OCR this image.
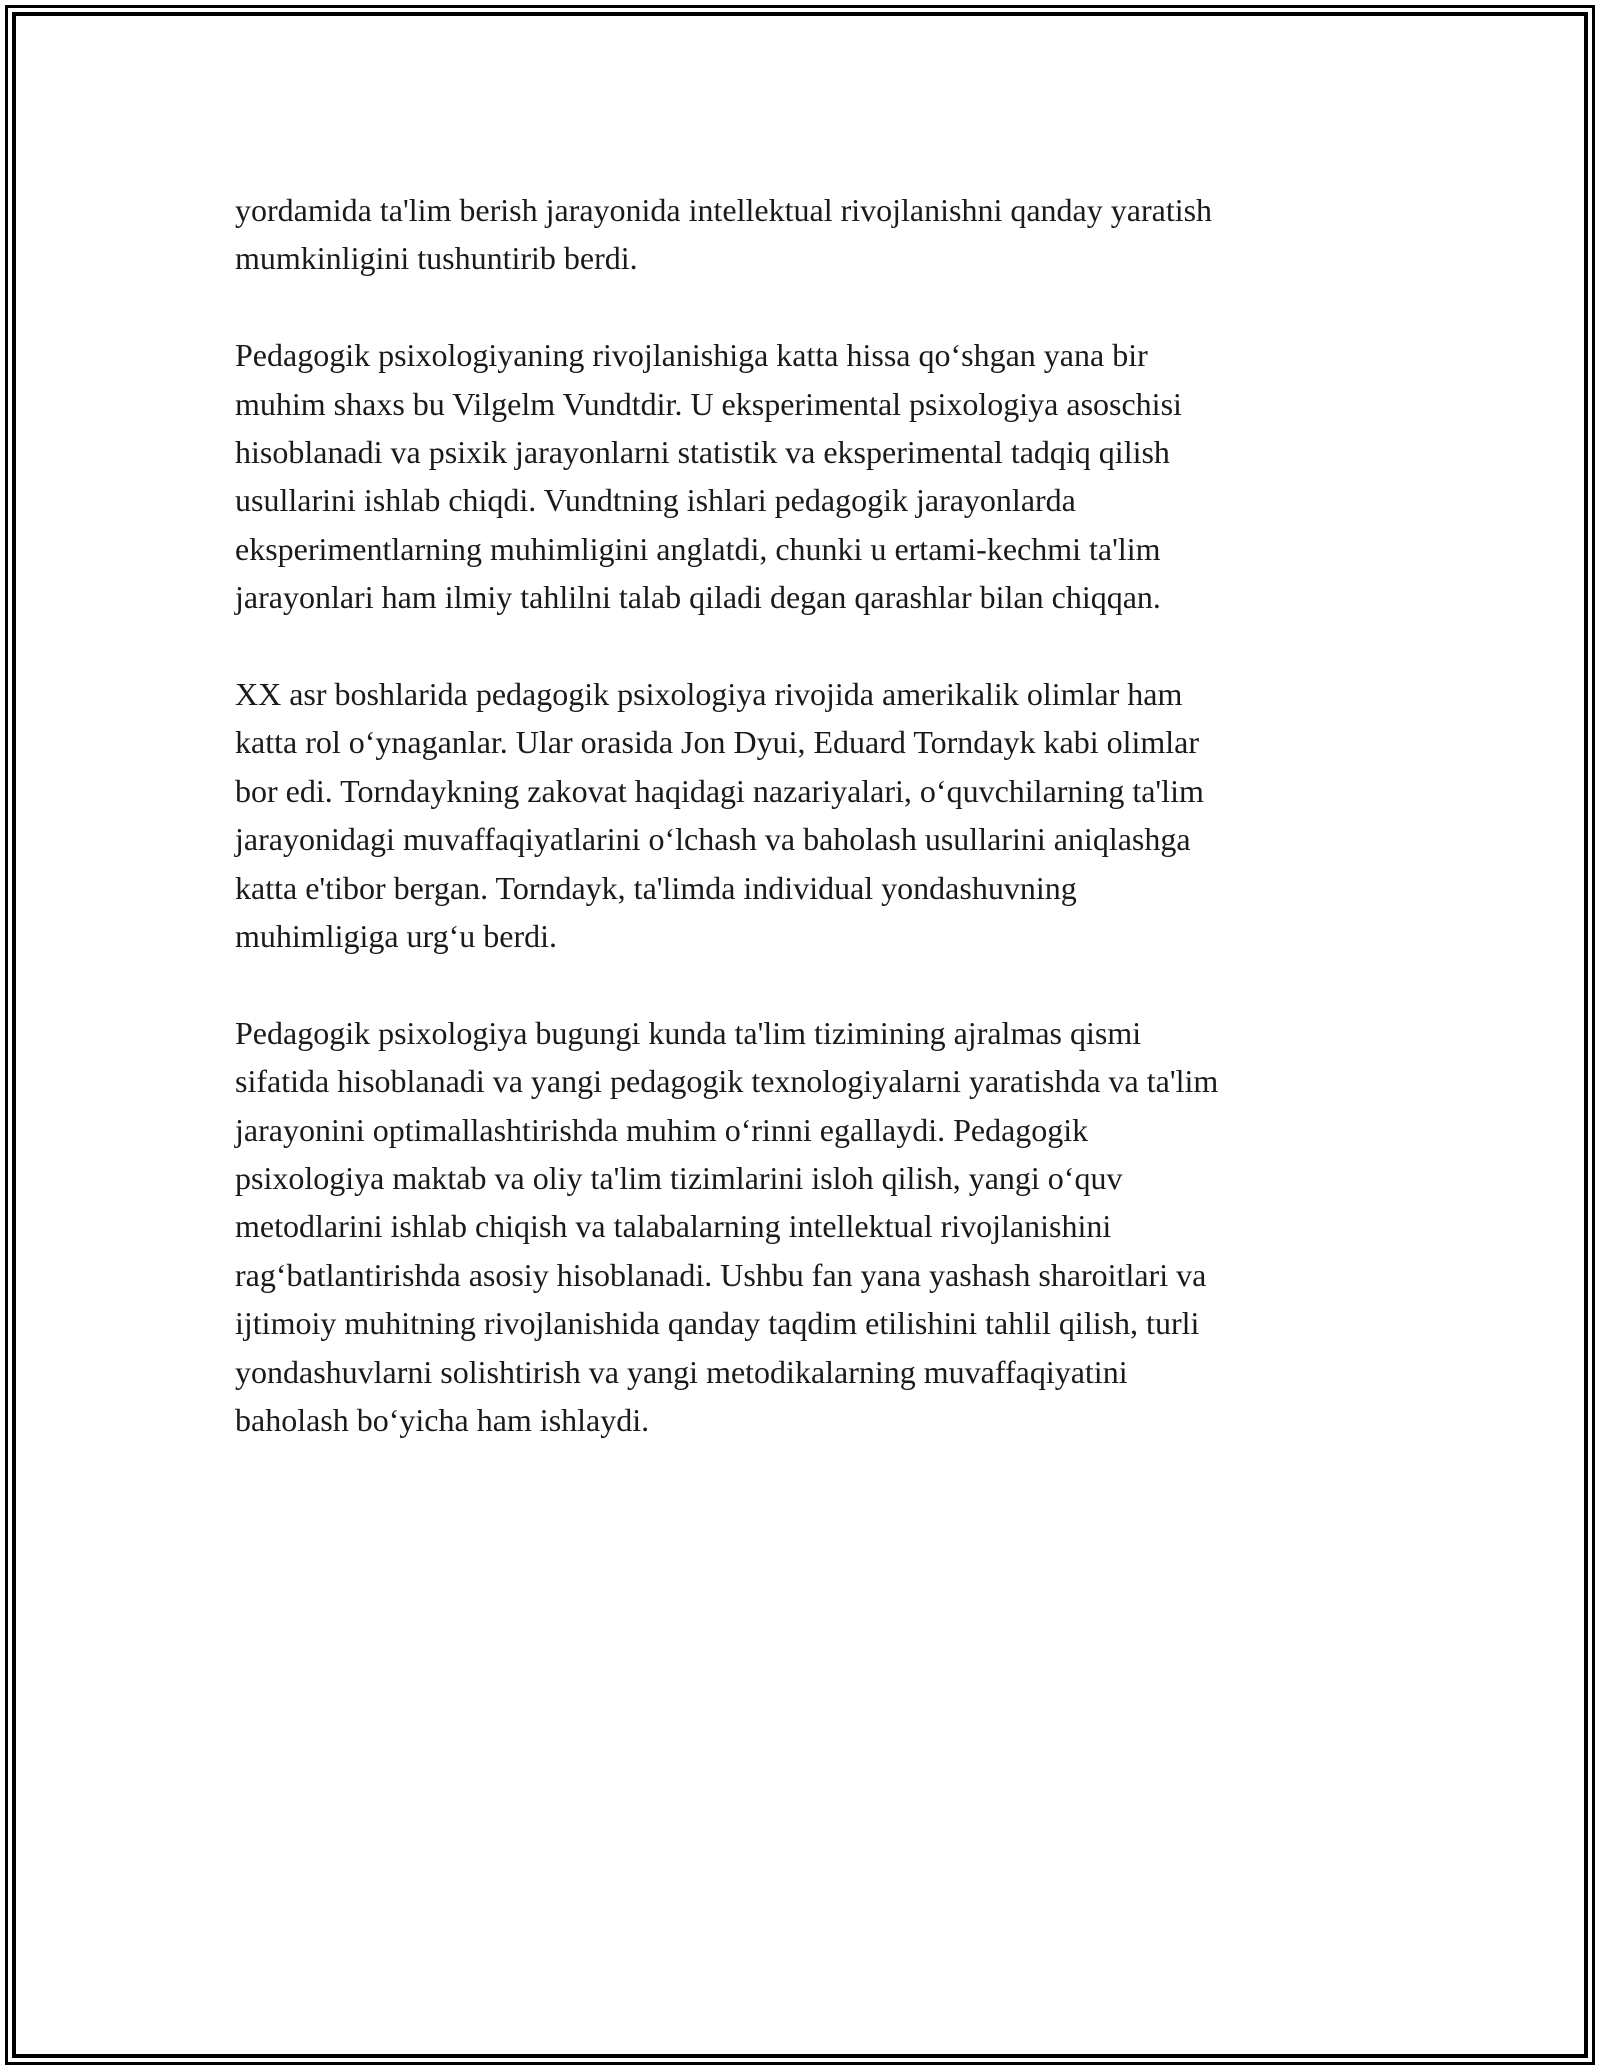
yordamida ta'lim berish jarayonida intellektual rivojlanishni qanday yaratish
mumkinligini tushuntirib berdi.

Pedagogik psixologiyaning rivojlanishiga katta hissa qo‘shgan yana bir
muhim shaxs bu Vilgelm Vundtdir. U eksperimental psixologiya asoschisi
hisoblanadi va psixik jarayonlarni statistik va eksperimental tadqiq qilish
usullarini ishlab chiqdi. Vundtning ishlari pedagogik jarayonlarda
eksperimentlarning muhimligini anglatdi, chunki u ertami-kechmi ta'lim
jarayonlari ham ilmiy tahlilni talab qiladi degan qarashlar bilan chiqqan.

XX asr boshlarida pedagogik psixologiya rivojida amerikalik olimlar ham
katta rol o‘ynaganlar. Ular orasida Jon Dyui, Eduard Torndayk kabi olimlar
bor edi. Torndaykning zakovat haqidagi nazariyalari, o‘quvchilarning ta'lim
jarayonidagi muvaffaqiyatlarini o‘lchash va baholash usullarini aniqlashga
katta e'tibor bergan. Torndayk, ta'limda individual yondashuvning
muhimligiga urg‘u berdi.

Pedagogik psixologiya bugungi kunda ta'lim tizimining ajralmas qismi
sifatida hisoblanadi va yangi pedagogik texnologiyalarni yaratishda va ta'lim
jarayonini optimallashtirishda muhim o‘rinni egallaydi. Pedagogik
psixologiya maktab va oliy ta'lim tizimlarini isloh qilish, yangi o‘quv
metodlarini ishlab chiqish va talabalarning intellektual rivojlanishini
rag‘batlantirishda asosiy hisoblanadi. Ushbu fan yana yashash sharoitlari va
ijtimoiy muhitning rivojlanishida qanday taqdim etilishini tahlil qilish, turli
yondashuvlarni solishtirish va yangi metodikalarning muvaffaqiyatini
baholash bo‘yicha ham ishlaydi.
